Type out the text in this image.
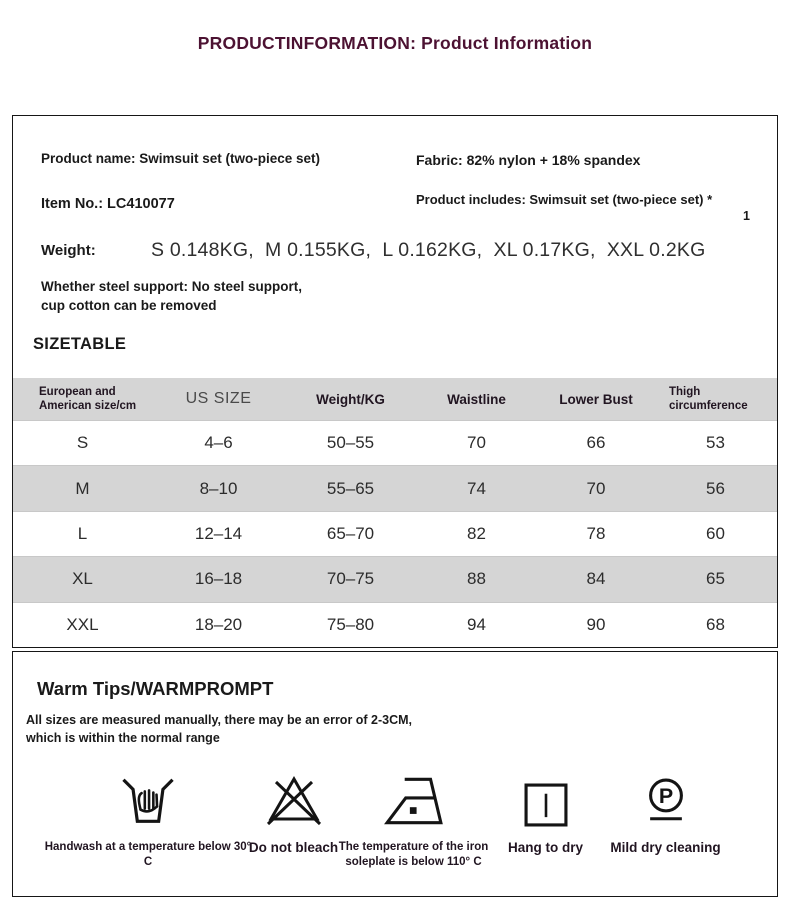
PRODUCTINFORMATION: Product Information
Product name: Swimsuit set (two-piece set)	Fabric: 82% nylon + 18% spandex
Item No.: LC410077	Product includes: Swimsuit set (two-piece set) *
1
Weight:	S 0.148KG,  M 0.155KG,  L 0.162KG,  XL 0.17KG,  XXL 0.2KG
Whether steel support: No steel support,
cup cotton can be removed
SIZETABLE
European and American size/cm	US SIZE	Weight/KG	Waistline	Lower Bust	Thigh circumference
S	4–6	50–55	70	66	53
M	8–10	55–65	74	70	56
L	12–14	65–70	82	78	60
XL	16–18	70–75	88	84	65
XXL	18–20	75–80	94	90	68
Warm Tips/WARMPROMPT
All sizes are measured manually, there may be an error of 2-3CM,
which is within the normal range
Handwash at a temperature below 30° C
Do not bleach The temperature of the iron soleplate is below 110° C
Hang to dry
P
Mild dry cleaning
